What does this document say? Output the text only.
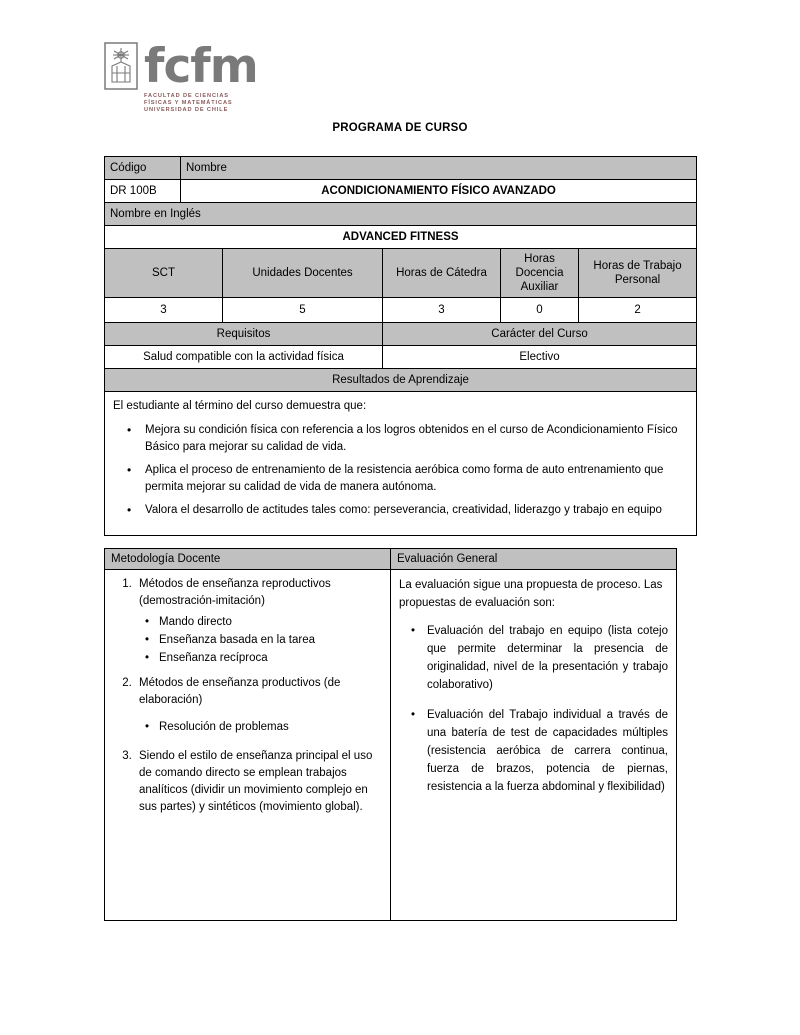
fcfm
FACULTAD DE CIENCIAS
FÍSICAS Y MATEMÁTICAS
UNIVERSIDAD DE CHILE
PROGRAMA DE CURSO
Código	Nombre				
DR 100B	ACONDICIONAMIENTO FÍSICO AVANZADO				
Nombre en Inglés					
ADVANCED FITNESS					
SCT		Unidades Docentes	Horas de Cátedra	Horas Docencia Auxiliar	Horas de Trabajo Personal
3		5	3	0	2
Requisitos			Carácter del Curso		
Salud compatible con la actividad física			Electivo		
Resultados de Aprendizaje					

El estudiante al término del curso demuestra que:

• Mejora su condición física con referencia a los logros obtenidos en el curso de Acondicionamiento Físico Básico para mejorar su calidad de vida.
• Aplica el proceso de entrenamiento de la resistencia aeróbica como forma de auto entrenamiento que permita mejorar su calidad de vida de manera autónoma.
• Valora el desarrollo de actitudes tales como: perseverancia, creatividad, liderazgo y trabajo en equipo
Metodología Docente	Evaluación General

1. Métodos de enseñanza reproductivos (demostración-imitación)
• Mando directo
• Enseñanza basada en la tarea
• Enseñanza recíproca
2. Métodos de enseñanza productivos (de elaboración)
• Resolución de problemas
3. Siendo el estilo de enseñanza principal el uso de comando directo se emplean trabajos analíticos (dividir un movimiento complejo en sus partes) y sintéticos (movimiento global).

La evaluación sigue una propuesta de proceso. Las propuestas de evaluación son:

• Evaluación del trabajo en equipo (lista cotejo que permite determinar la presencia de originalidad, nivel de la presentación y trabajo colaborativo)
• Evaluación del Trabajo individual a través de una batería de test de capacidades múltiples (resistencia aeróbica de carrera continua, fuerza de brazos, potencia de piernas, resistencia a la fuerza abdominal y flexibilidad)
